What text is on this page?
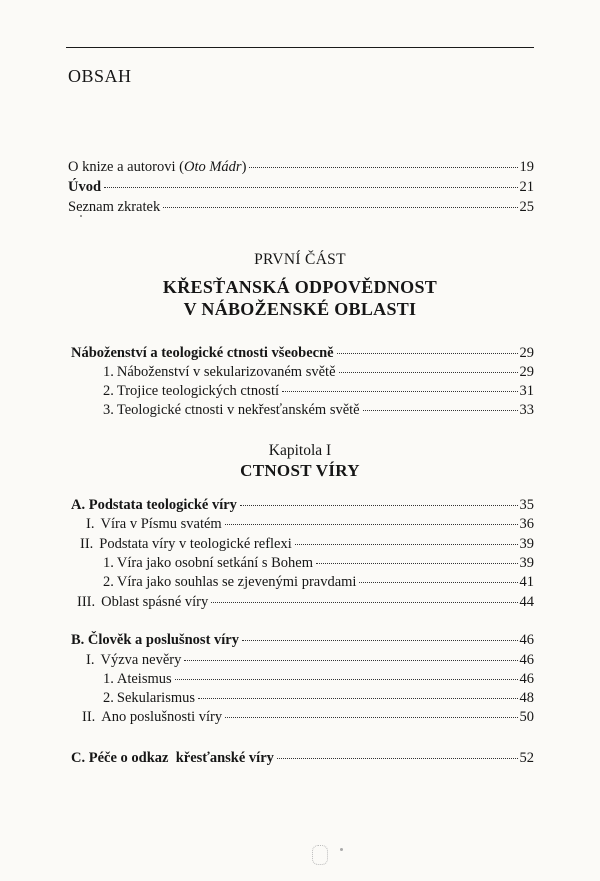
OBSAH
O knize a autorovi (Oto Mádr)	19
Úvod	21
Seznam zkratek	25
PRVNÍ ČÁST
KŘESŤANSKÁ ODPOVĚDNOST
V NÁBOŽENSKÉ OBLASTI
Náboženství a teologické ctnosti všeobecně	29
1. Náboženství v sekularizovaném světě	29
2. Trojice teologických ctností	31
3. Teologické ctnosti v nekřesťanském světě	33
Kapitola I
CTNOST VÍRY
A. Podstata teologické víry	35
I. Víra v Písmu svatém	36
II. Podstata víry v teologické reflexi	39
1. Víra jako osobní setkání s Bohem	39
2. Víra jako souhlas se zjevenými pravdami	41
III. Oblast spásné víry	44
B. Člověk a poslušnost víry	46
I. Výzva nevěry	46
1. Ateismus	46
2. Sekularismus	48
II. Ano poslušnosti víry	50
C. Péče o odkaz  křesťanské víry	52
